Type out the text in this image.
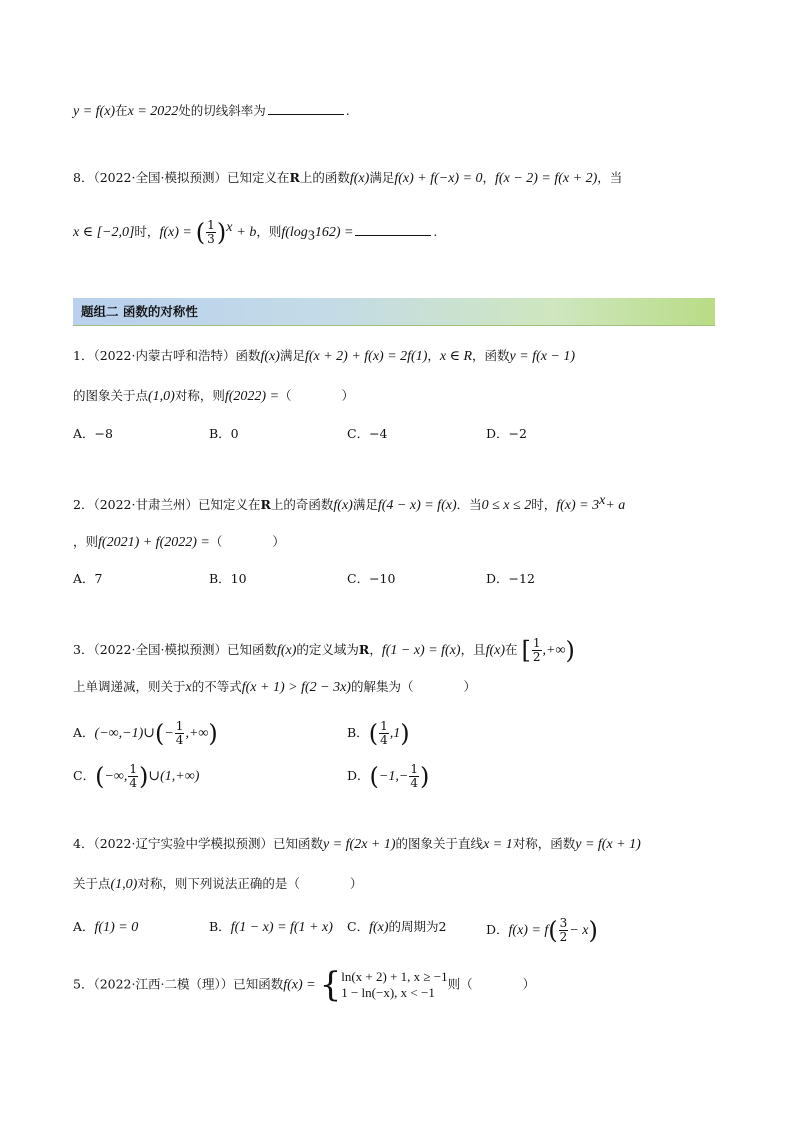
y = f(x)在x = 2022处的切线斜率为	.
8．（2022·全国·模拟预测）已知定义在R上的函数f(x)满足f(x) + f(−x) = 0，f(x − 2) = f(x + 2)，当
x ∈ [−2,0]时，f(x) = ( $\frac{1}{3} )^x + b$，则$f(\log_3162)$ =	.
题组二 函数的对称性
1．（2022·内蒙古呼和浩特）函数f(x)满足f(x + 2) + f(x) = 2f(1)，x ∈ R，函数y = f(x − 1)
的图象关于点(1,0)对称，则f(2022) =（　　　　）
A．−8	B．0	C．−4	D．−2
2．（2022·甘肃兰州）已知定义在R上的奇函数f(x)满足f(4 − x) = f(x)．当0 ≤ x ≤ 2时，$f(x) = 3^x+ a$
，则f(2021) + f(2022) =（　　　　）
A．7	B．10	C．−10	D．−12
3．（2022·全国·模拟预测）已知函数f(x)的定义域为R，f(1 − x) = f(x)，且f(x)在 [ $\frac{1}{2}$ ,+∞)
上单调递减，则关于x的不等式f(x + 1) > f(2 − 3x)的解集为（　　　　）
A．(−∞,−1)∪(− $\frac{1}{4}$ ,+∞)	B．( $\frac{1}{4} ,1$)
C．(−∞, $\frac{1}{4}$ )∪(1,+∞)	D．($-1,- \frac{1}{4}$ )
4．（2022·辽宁实验中学模拟预测）已知函数y = f(2x + 1)的图象关于直线x = 1对称，函数y = f(x + 1)
关于点(1,0)对称，则下列说法正确的是（　　　　）
A．f(1) = 0	B．f(1 − x) = f(1 + x) C．f(x)的周期为2	D．$f(x) = f( \frac{3}{2} - x)$
5．（2022·江西·二模（理））已知函数f(x) = { ln(x + 2) + 1, x ≥ −1
1 − ln(−x), x < −1
则（　　　　）
